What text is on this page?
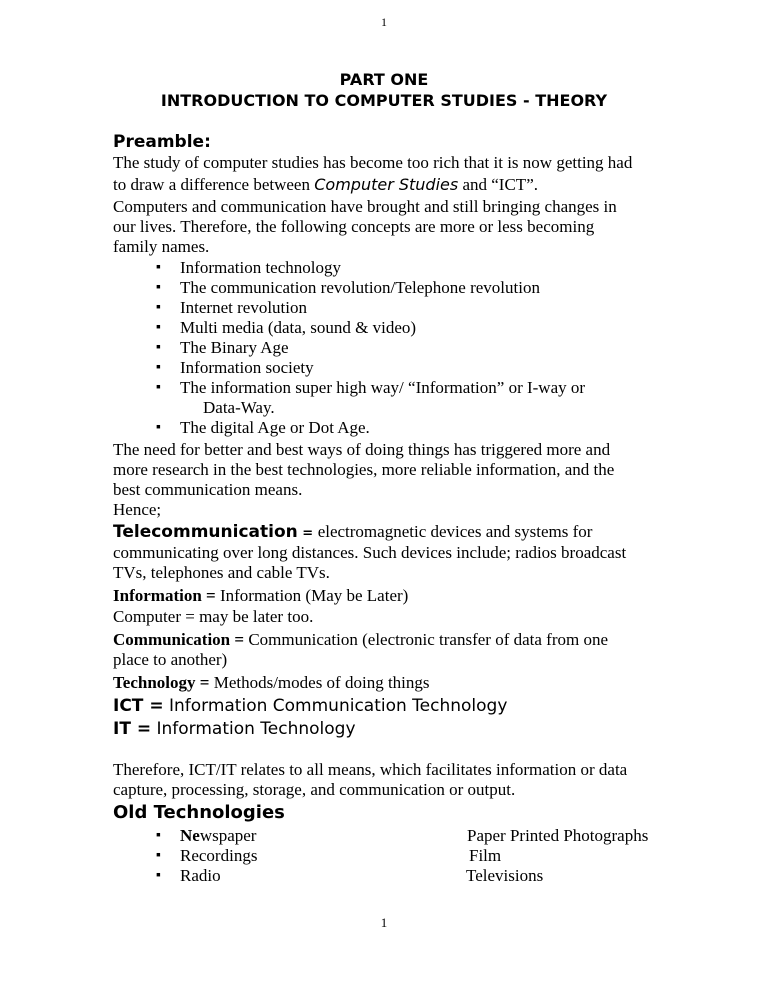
1
PART ONE
INTRODUCTION TO COMPUTER STUDIES - THEORY
Preamble:
The study of computer studies has become too rich that it is now getting had
to draw a difference between Computer Studies and “ICT”.
Computers and communication have brought and still bringing changes in
our lives. Therefore, the following concepts are more or less becoming
family names.
▪ Information technology
▪ The communication revolution/Telephone revolution
▪ Internet revolution
▪ Multi media (data, sound & video)
▪ The Binary Age
▪ Information society
▪ The information super high way/ “Information” or I-way or
Data-Way.
▪ The digital Age or Dot Age.
The need for better and best ways of doing things has triggered more and
more research in the best technologies, more reliable information, and the
best communication means.
Hence;
Telecommunication = electromagnetic devices and systems for
communicating over long distances. Such devices include; radios broadcast
TVs, telephones and cable TVs.
Information = Information (May be Later)
Computer = may be later too.
Communication = Communication (electronic transfer of data from one
place to another)
Technology = Methods/modes of doing things
ICT = Information Communication Technology
IT = Information Technology
Therefore, ICT/IT relates to all means, which facilitates information or data
capture, processing, storage, and communication or output.
Old Technologies
▪ Newspaper	Paper Printed Photographs
▪ Recordings	Film
▪ Radio	Televisions
1
